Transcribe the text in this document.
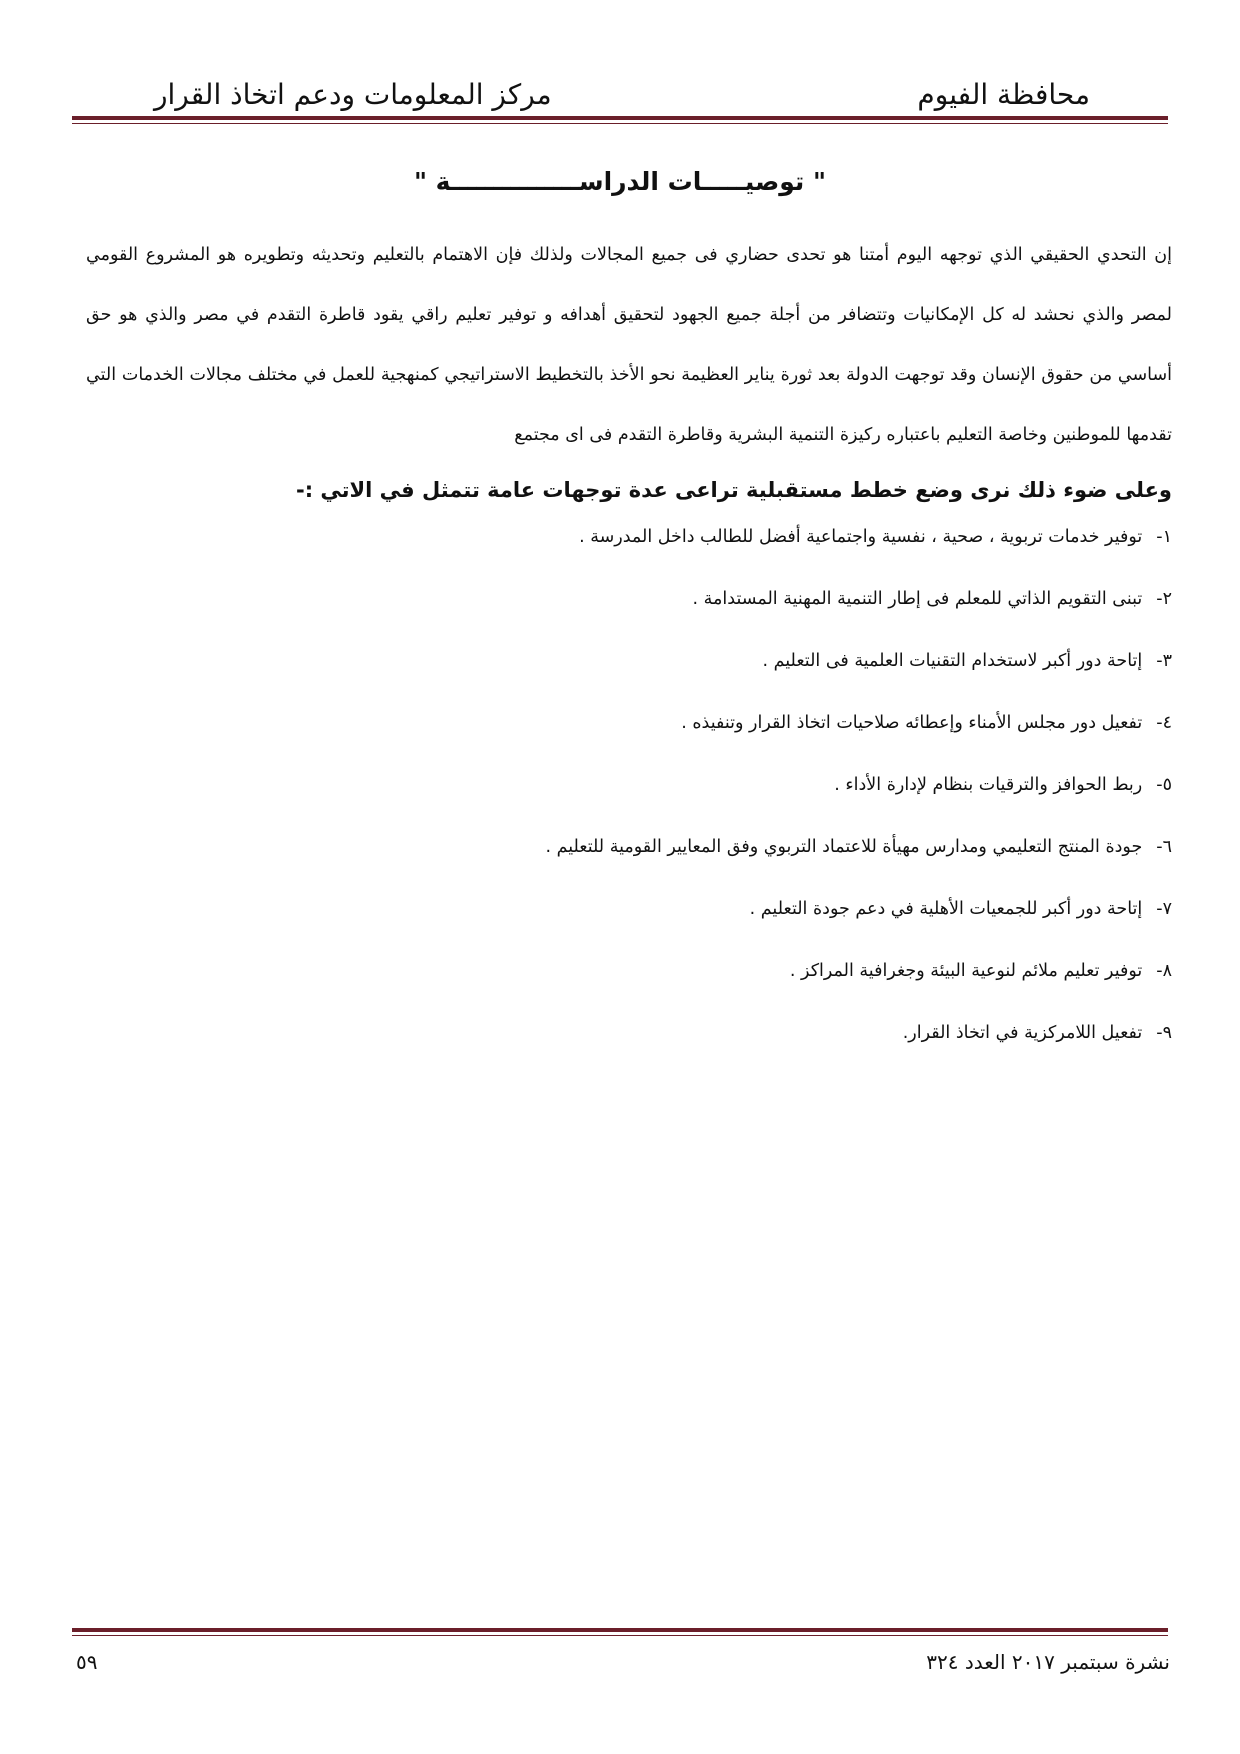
محافظة الفيوم
مركز المعلومات ودعم اتخاذ القرار
" توصيـــــات الدراســـــــــــــــة "

إن التحدي الحقيقي الذي توجهه اليوم أمتنا هو تحدى حضاري فى جميع المجالات ولذلك فإن الاهتمام بالتعليم وتحديثه وتطويره هو المشروع القومي لمصر والذي نحشد له كل الإمكانيات وتتضافر من أجلة جميع الجهود لتحقيق أهدافه و توفير تعليم راقي يقود قاطرة التقدم في مصر والذي هو حق أساسي من حقوق الإنسان وقد توجهت الدولة بعد ثورة يناير العظيمة نحو الأخذ بالتخطيط الاستراتيجي كمنهجية للعمل في مختلف مجالات الخدمات التي تقدمها للموطنين وخاصة التعليم باعتباره ركيزة التنمية البشرية وقاطرة التقدم فى اى مجتمع

وعلى ضوء ذلك نرى وضع خطط مستقبلية تراعى عدة توجهات عامة تتمثل في الاتي :-

١-توفير خدمات تربوية ، صحية ، نفسية واجتماعية أفضل للطالب داخل المدرسة .
٢-تبنى التقويم الذاتي للمعلم فى إطار التنمية المهنية المستدامة .
٣-إتاحة دور أكبر لاستخدام التقنيات العلمية فى التعليم .
٤-تفعيل دور مجلس الأمناء وإعطائه صلاحيات اتخاذ القرار وتنفيذه .
٥-ربط الحوافز والترقيات بنظام لإدارة الأداء .
٦-جودة المنتج التعليمي ومدارس مهيأة للاعتماد التربوي وفق المعايير القومية للتعليم .
٧-إتاحة دور أكبر للجمعيات الأهلية في دعم جودة التعليم .
٨-توفير تعليم ملائم لنوعية البيئة وجغرافية المراكز .
٩-تفعيل اللامركزية في اتخاذ القرار.
نشرة سبتمبر ٢٠١٧ العدد ٣٢٤
٥٩
